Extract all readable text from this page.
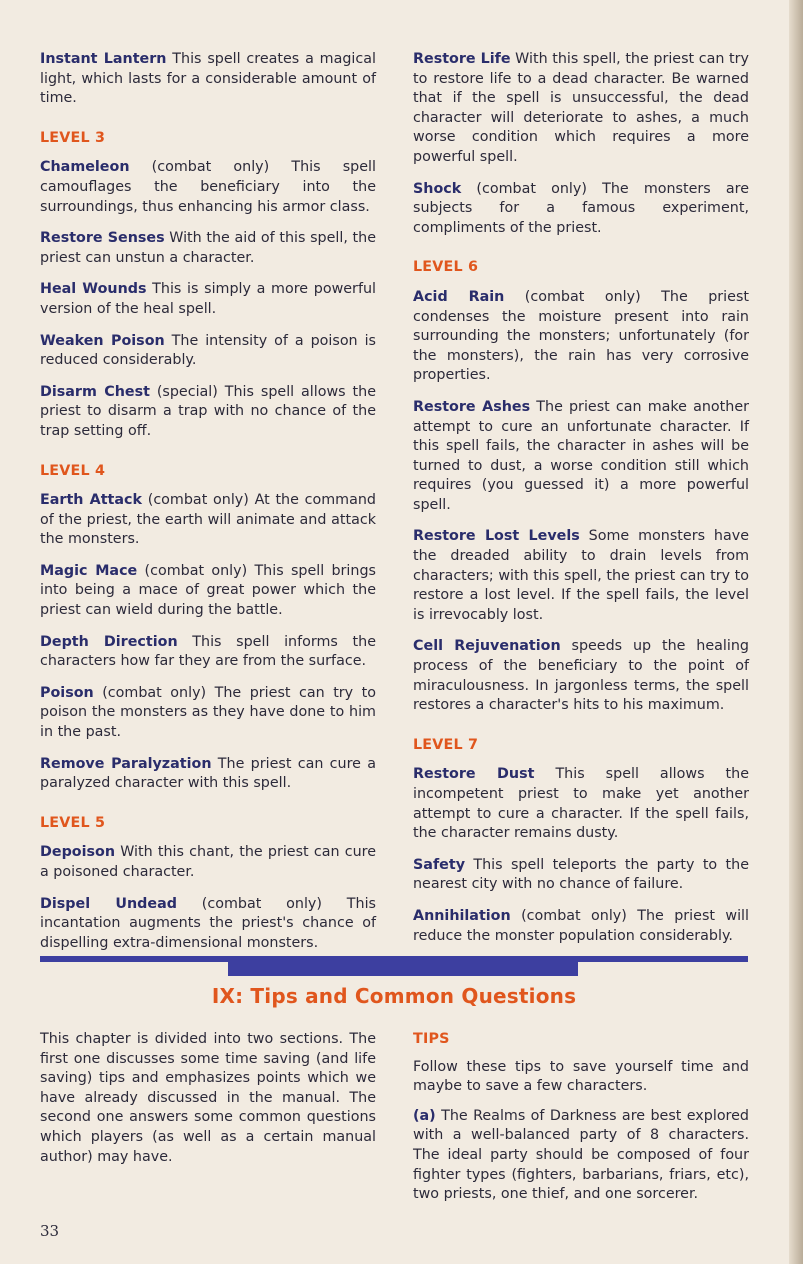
Instant Lantern This spell creates a magical light, which lasts for a considerable amount of time.

LEVEL 3

Chameleon (combat only) This spell camouflages the beneficiary into the surroundings, thus enhancing his armor class.

Restore Senses With the aid of this spell, the priest can unstun a character.

Heal Wounds This is simply a more powerful version of the heal spell.

Weaken Poison The intensity of a poison is reduced considerably.

Disarm Chest (special) This spell allows the priest to disarm a trap with no chance of the trap setting off.

LEVEL 4

Earth Attack (combat only) At the command of the priest, the earth will animate and attack the monsters.

Magic Mace (combat only) This spell brings into being a mace of great power which the priest can wield during the battle.

Depth Direction This spell informs the characters how far they are from the surface.

Poison (combat only) The priest can try to poison the monsters as they have done to him in the past.

Remove Paralyzation The priest can cure a paralyzed character with this spell.

LEVEL 5

Depoison With this chant, the priest can cure a poisoned character.

Dispel Undead (combat only) This incantation augments the priest's chance of dispelling extra-dimensional monsters.

Restore Life With this spell, the priest can try to restore life to a dead character. Be warned that if the spell is unsuccessful, the dead character will deteriorate to ashes, a much worse condition which requires a more powerful spell.

Shock (combat only) The monsters are subjects for a famous experiment, compliments of the priest.

LEVEL 6

Acid Rain (combat only) The priest condenses the moisture present into rain surrounding the monsters; unfortunately (for the monsters), the rain has very corrosive properties.

Restore Ashes The priest can make another attempt to cure an unfortunate character. If this spell fails, the character in ashes will be turned to dust, a worse condition still which requires (you guessed it) a more powerful spell.

Restore Lost Levels Some monsters have the dreaded ability to drain levels from characters; with this spell, the priest can try to restore a lost level. If the spell fails, the level is irrevocably lost.

Cell Rejuvenation speeds up the healing process of the beneficiary to the point of miraculousness. In jargonless terms, the spell restores a character's hits to his maximum.

LEVEL 7

Restore Dust This spell allows the incompetent priest to make yet another attempt to cure a character. If the spell fails, the character remains dusty.

Safety This spell teleports the party to the nearest city with no chance of failure.

Annihilation (combat only) The priest will reduce the monster population considerably.

IX: Tips and Common Questions
This chapter is divided into two sections. The first one discusses some time saving (and life saving) tips and emphasizes points which we have already discussed in the manual. The second one answers some common questions which players (as well as a certain manual author) may have.
TIPS

Follow these tips to save yourself time and maybe to save a few characters.

(a) The Realms of Darkness are best explored with a well-balanced party of 8 characters. The ideal party should be composed of four fighter types (fighters, barbarians, friars, etc), two priests, one thief, and one sorcerer.

33
